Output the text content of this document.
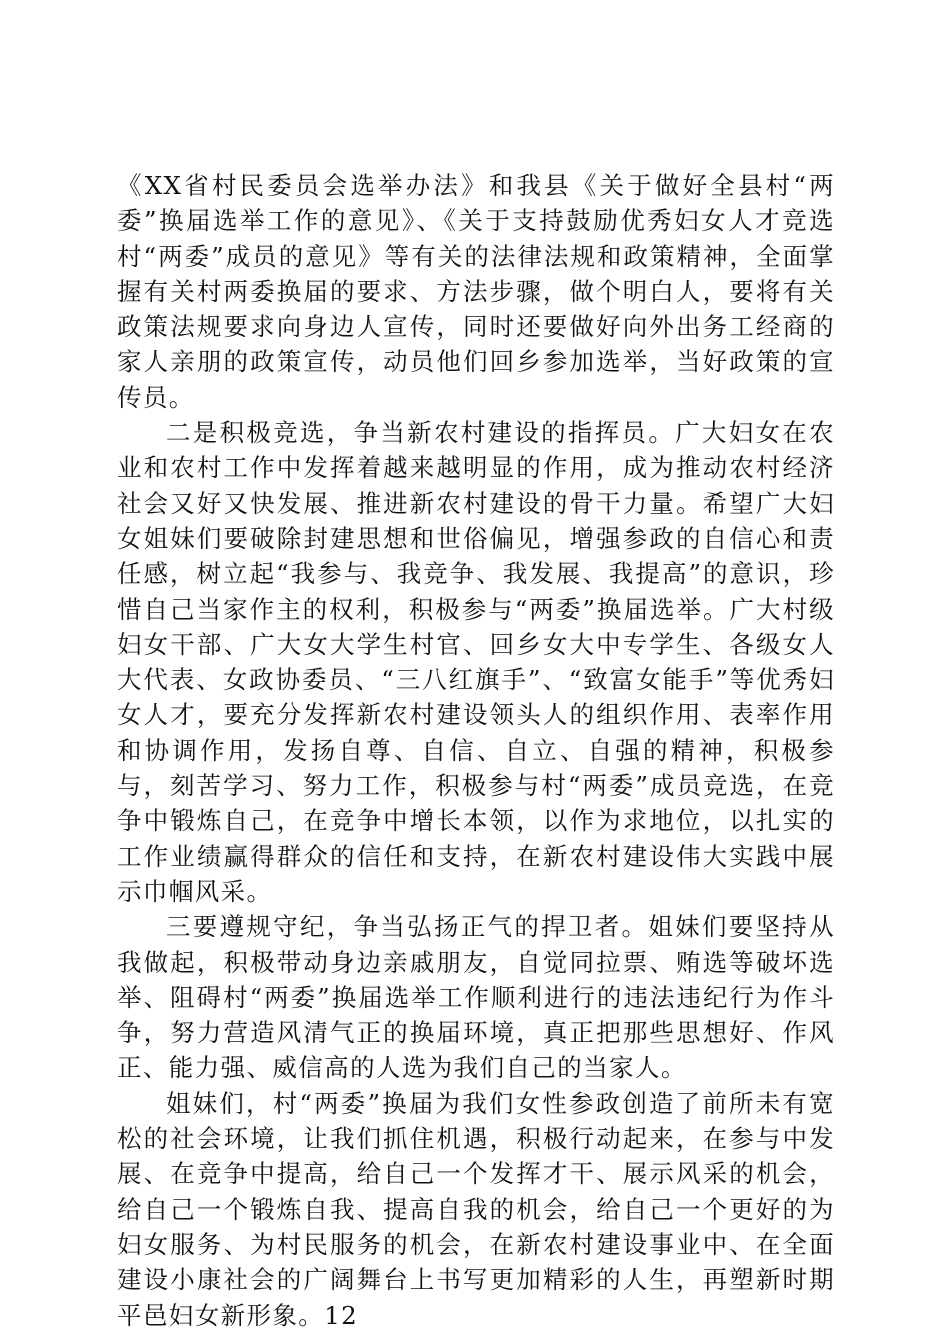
《XX省村民委员会选举办法》和我县《关于做好全县村“两委”换届选举工作的意见》、《关于支持鼓励优秀妇女人才竞选村“两委”成员的意见》等有关的法律法规和政策精神，全面掌握有关村两委换届的要求、方法步骤，做个明白人，要将有关政策法规要求向身边人宣传，同时还要做好向外出务工经商的家人亲朋的政策宣传，动员他们回乡参加选举，当好政策的宣传员。

二是积极竞选，争当新农村建设的指挥员。广大妇女在农业和农村工作中发挥着越来越明显的作用，成为推动农村经济社会又好又快发展、推进新农村建设的骨干力量。希望广大妇女姐妹们要破除封建思想和世俗偏见，增强参政的自信心和责任感，树立起“我参与、我竞争、我发展、我提高”的意识，珍惜自己当家作主的权利，积极参与“两委”换届选举。广大村级妇女干部、广大女大学生村官、回乡女大中专学生、各级女人大代表、女政协委员、“三八红旗手”、“致富女能手”等优秀妇女人才，要充分发挥新农村建设领头人的组织作用、表率作用和协调作用，发扬自尊、自信、自立、自强的精神，积极参与，刻苦学习、努力工作，积极参与村“两委”成员竞选，在竞争中锻炼自己，在竞争中增长本领，以作为求地位，以扎实的工作业绩赢得群众的信任和支持，在新农村建设伟大实践中展示巾帼风采。

三要遵规守纪，争当弘扬正气的捍卫者。姐妹们要坚持从我做起，积极带动身边亲戚朋友，自觉同拉票、贿选等破坏选举、阻碍村“两委”换届选举工作顺利进行的违法违纪行为作斗争，努力营造风清气正的换届环境，真正把那些思想好、作风正、能力强、威信高的人选为我们自己的当家人。

姐妹们，村“两委”换届为我们女性参政创造了前所未有宽松的社会环境，让我们抓住机遇，积极行动起来，在参与中发展、在竞争中提高，给自己一个发挥才干、展示风采的机会，给自己一个锻炼自我、提高自我的机会，给自己一个更好的为妇女服务、为村民服务的机会，在新农村建设事业中、在全面建设小康社会的广阔舞台上书写更加精彩的人生，再塑新时期平邑妇女新形象。12
